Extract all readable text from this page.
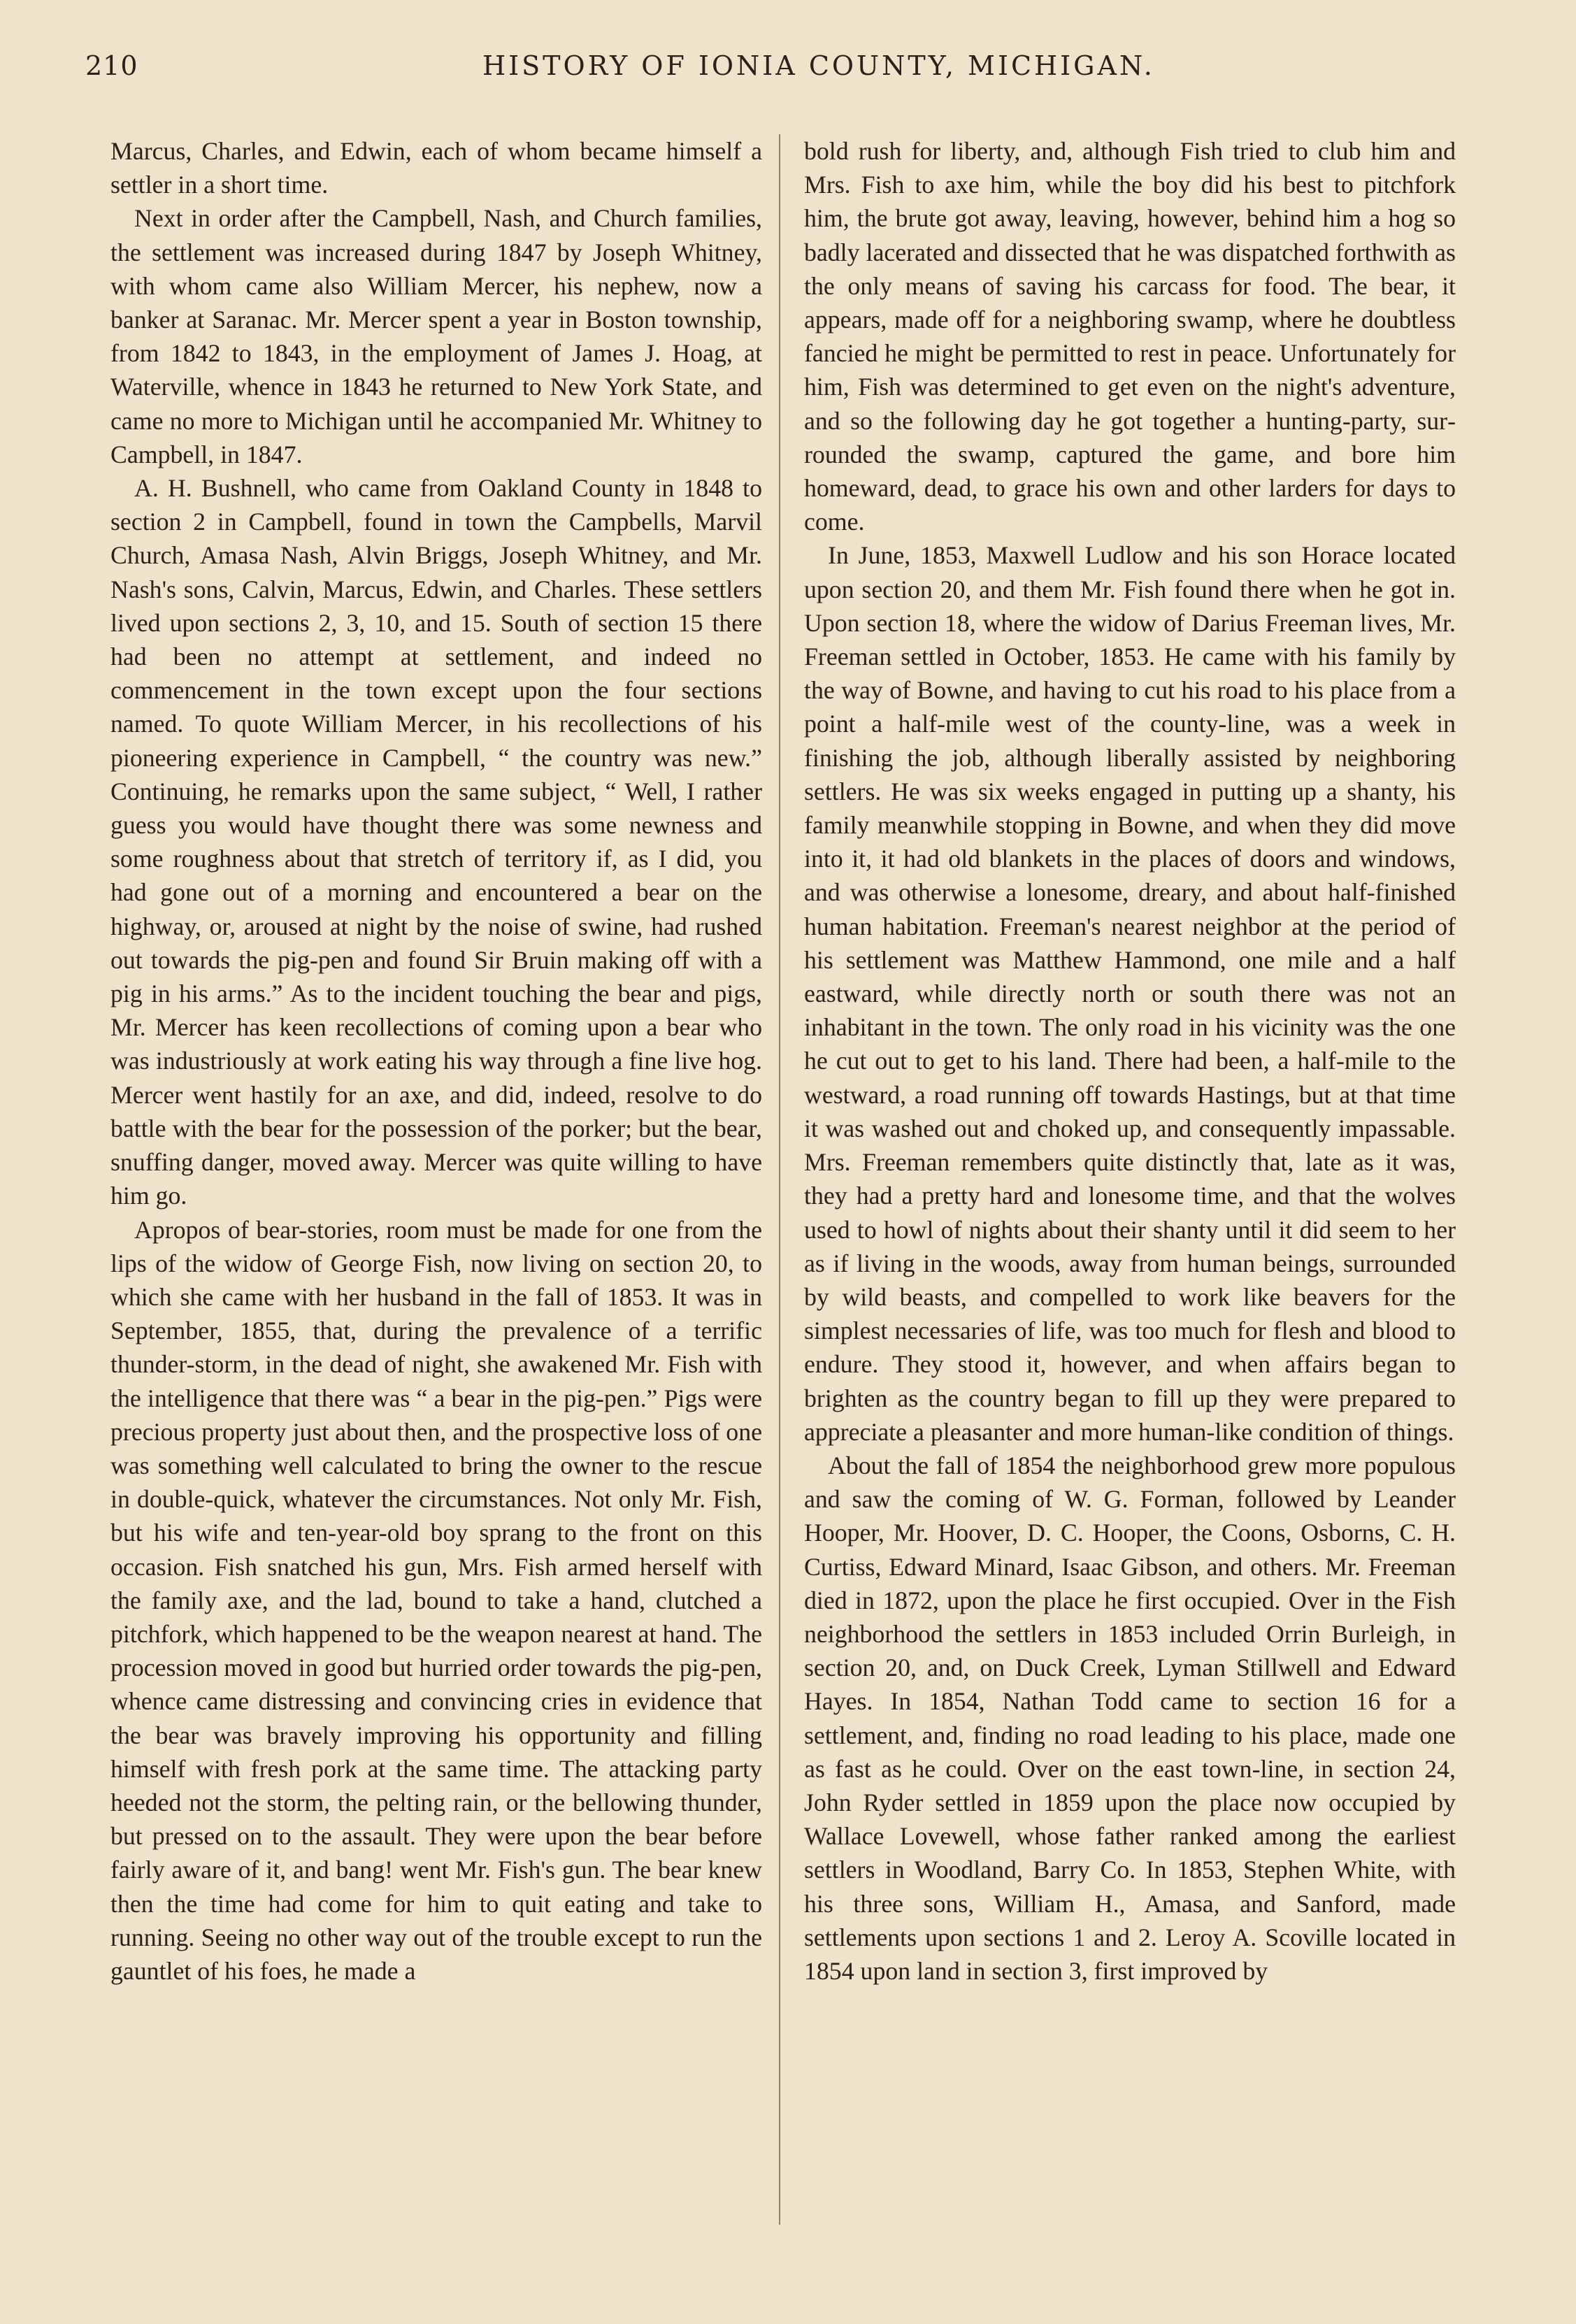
210	HISTORY OF IONIA COUNTY, MICHIGAN.

Marcus, Charles, and Edwin, each of whom became himself a settler in a short time.

Next in order after the Campbell, Nash, and Church families, the settlement was increased during 1847 by Joseph Whitney, with whom came also William Mercer, his nephew, now a banker at Saranac. Mr. Mercer spent a year in Boston township, from 1842 to 1843, in the employment of James J. Hoag, at Waterville, whence in 1843 he returned to New York State, and came no more to Michigan until he accompanied Mr. Whitney to Campbell, in 1847.

A. H. Bushnell, who came from Oakland County in 1848 to section 2 in Campbell, found in town the Campbells, Marvil Church, Amasa Nash, Alvin Briggs, Joseph Whitney, and Mr. Nash's sons, Calvin, Marcus, Edwin, and Charles. These settlers lived upon sections 2, 3, 10, and 15. South of section 15 there had been no attempt at settlement, and indeed no commencement in the town except upon the four sections named. To quote William Mercer, in his recollections of his pioneering experience in Campbell, “ the country was new.” Continuing, he remarks upon the same subject, “ Well, I rather guess you would have thought there was some newness and some roughness about that stretch of territory if, as I did, you had gone out of a morning and encountered a bear on the highway, or, aroused at night by the noise of swine, had rushed out towards the pig-pen and found Sir Bruin making off with a pig in his arms.” As to the incident touching the bear and pigs, Mr. Mercer has keen recollections of coming upon a bear who was industriously at work eating his way through a fine live hog. Mercer went hastily for an axe, and did, indeed, resolve to do battle with the bear for the possession of the porker; but the bear, snuffing danger, moved away. Mercer was quite willing to have him go.

Apropos of bear-stories, room must be made for one from the lips of the widow of George Fish, now living on section 20, to which she came with her husband in the fall of 1853. It was in September, 1855, that, during the prevalence of a terrific thunder-storm, in the dead of night, she awakened Mr. Fish with the intelligence that there was “ a bear in the pig-pen.” Pigs were precious property just about then, and the prospective loss of one was something well calculated to bring the owner to the rescue in double-quick, whatever the circumstances. Not only Mr. Fish, but his wife and ten-year-old boy sprang to the front on this occasion. Fish snatched his gun, Mrs. Fish armed herself with the family axe, and the lad, bound to take a hand, clutched a pitchfork, which happened to be the weapon nearest at hand. The procession moved in good but hurried order towards the pig-pen, whence came distressing and convincing cries in evidence that the bear was bravely improving his opportunity and filling himself with fresh pork at the same time. The attacking party heeded not the storm, the pelting rain, or the bellowing thunder, but pressed on to the assault. They were upon the bear before fairly aware of it, and bang! went Mr. Fish's gun. The bear knew then the time had come for him to quit eating and take to running. Seeing no other way out of the trouble except to run the gauntlet of his foes, he made a

bold rush for liberty, and, although Fish tried to club him and Mrs. Fish to axe him, while the boy did his best to pitchfork him, the brute got away, leaving, however, behind him a hog so badly lacerated and dissected that he was dispatched forthwith as the only means of saving his carcass for food. The bear, it appears, made off for a neighboring swamp, where he doubtless fancied he might be permitted to rest in peace. Unfortunately for him, Fish was determined to get even on the night's adventure, and so the following day he got together a hunting-party, surrounded the swamp, captured the game, and bore him homeward, dead, to grace his own and other larders for days to come.

In June, 1853, Maxwell Ludlow and his son Horace located upon section 20, and them Mr. Fish found there when he got in. Upon section 18, where the widow of Darius Freeman lives, Mr. Freeman settled in October, 1853. He came with his family by the way of Bowne, and having to cut his road to his place from a point a half-mile west of the county-line, was a week in finishing the job, although liberally assisted by neighboring settlers. He was six weeks engaged in putting up a shanty, his family meanwhile stopping in Bowne, and when they did move into it, it had old blankets in the places of doors and windows, and was otherwise a lonesome, dreary, and about half-finished human habitation. Freeman's nearest neighbor at the period of his settlement was Matthew Hammond, one mile and a half eastward, while directly north or south there was not an inhabitant in the town. The only road in his vicinity was the one he cut out to get to his land. There had been, a half-mile to the westward, a road running off towards Hastings, but at that time it was washed out and choked up, and consequently impassable. Mrs. Freeman remembers quite distinctly that, late as it was, they had a pretty hard and lonesome time, and that the wolves used to howl of nights about their shanty until it did seem to her as if living in the woods, away from human beings, surrounded by wild beasts, and compelled to work like beavers for the simplest necessaries of life, was too much for flesh and blood to endure. They stood it, however, and when affairs began to brighten as the country began to fill up they were prepared to appreciate a pleasanter and more human-like condition of things.

About the fall of 1854 the neighborhood grew more populous and saw the coming of W. G. Forman, followed by Leander Hooper, Mr. Hoover, D. C. Hooper, the Coons, Osborns, C. H. Curtiss, Edward Minard, Isaac Gibson, and others. Mr. Freeman died in 1872, upon the place he first occupied. Over in the Fish neighborhood the settlers in 1853 included Orrin Burleigh, in section 20, and, on Duck Creek, Lyman Stillwell and Edward Hayes. In 1854, Nathan Todd came to section 16 for a settlement, and, finding no road leading to his place, made one as fast as he could. Over on the east town-line, in section 24, John Ryder settled in 1859 upon the place now occupied by Wallace Lovewell, whose father ranked among the earliest settlers in Woodland, Barry Co. In 1853, Stephen White, with his three sons, William H., Amasa, and Sanford, made settlements upon sections 1 and 2. Leroy A. Scoville located in 1854 upon land in section 3, first improved by
